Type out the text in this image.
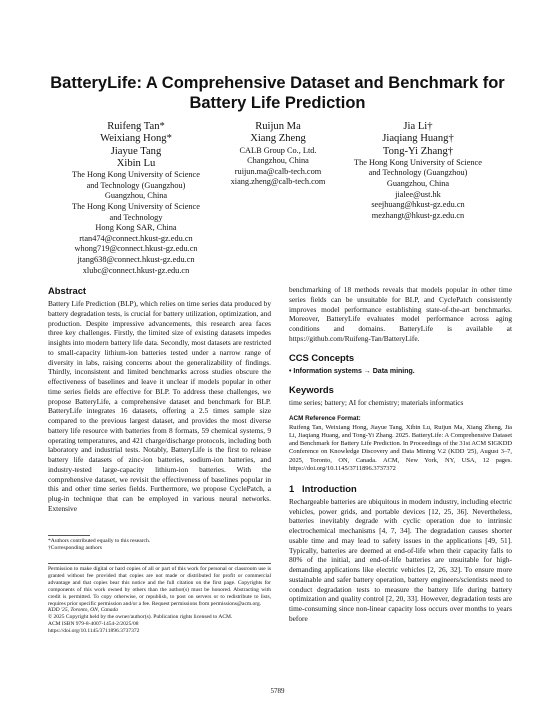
BatteryLife: A Comprehensive Dataset and Benchmark for Battery Life Prediction
Ruifeng Tan*
Weixiang Hong*
Jiayue Tang
Xibin Lu
The Hong Kong University of Science
and Technology (Guangzhou)
Guangzhou, China
The Hong Kong University of Science
and Technology
Hong Kong SAR, China
rtan474@connect.hkust-gz.edu.cn
whong719@connect.hkust-gz.edu.cn
jtang638@connect.hkust-gz.edu.cn
xlubc@connect.hkust-gz.edu.cn
Ruijun Ma
Xiang Zheng
CALB Group Co., Ltd.
Changzhou, China
ruijun.ma@calb-tech.com
xiang.zheng@calb-tech.com
Jia Li†
Jiaqiang Huang†
Tong-Yi Zhang†
The Hong Kong University of Science
and Technology (Guangzhou)
Guangzhou, China
jialee@ust.hk
seejhuang@hkust-gz.edu.cn
mezhangt@hkust-gz.edu.cn
Abstract

Battery Life Prediction (BLP), which relies on time series data produced by battery degradation tests, is crucial for battery utilization, optimization, and production. Despite impressive advancements, this research area faces three key challenges. Firstly, the limited size of existing datasets impedes insights into modern battery life data. Secondly, most datasets are restricted to small-capacity lithium-ion batteries tested under a narrow range of diversity in labs, raising concerns about the generalizability of findings. Thirdly, inconsistent and limited benchmarks across studies obscure the effectiveness of baselines and leave it unclear if models popular in other time series fields are effective for BLP. To address these challenges, we propose BatteryLife, a comprehensive dataset and benchmark for BLP. BatteryLife integrates 16 datasets, offering a 2.5 times sample size compared to the previous largest dataset, and provides the most diverse battery life resource with batteries from 8 formats, 59 chemical systems, 9 operating temperatures, and 421 charge/discharge protocols, including both laboratory and industrial tests. Notably, BatteryLife is the first to release battery life datasets of zinc-ion batteries, sodium-ion batteries, and industry-tested large-capacity lithium-ion batteries. With the comprehensive dataset, we revisit the effectiveness of baselines popular in this and other time series fields. Furthermore, we propose CyclePatch, a plug-in technique that can be employed in various neural networks. Extensive

*Authors contributed equally to this research.
†Corresponding authors
Permission to make digital or hard copies of all or part of this work for personal or classroom use is granted without fee provided that copies are not made or distributed for profit or commercial advantage and that copies bear this notice and the full citation on the first page. Copyrights for components of this work owned by others than the author(s) must be honored. Abstracting with credit is permitted. To copy otherwise, or republish, to post on servers or to redistribute to lists, requires prior specific permission and/or a fee. Request permissions from permissions@acm.org.
KDD '25, Toronto, ON, Canada
© 2025 Copyright held by the owner/author(s). Publication rights licensed to ACM.
ACM ISBN 979-8-4007-1454-2/2025/08
https://doi.org/10.1145/3711896.3737372

benchmarking of 18 methods reveals that models popular in other time series fields can be unsuitable for BLP, and CyclePatch consistently improves model performance establishing state-of-the-art benchmarks. Moreover, BatteryLife evaluates model performance across aging conditions and domains. BatteryLife is available at https://github.com/Ruifeng-Tan/BatteryLife.

CCS Concepts

• Information systems → Data mining.

Keywords

time series; battery; AI for chemistry; materials informatics

ACM Reference Format:

Ruifeng Tan, Weixiang Hong, Jiayue Tang, Xibin Lu, Ruijun Ma, Xiang Zheng, Jia Li, Jiaqiang Huang, and Tong-Yi Zhang. 2025. BatteryLife: A Comprehensive Dataset and Benchmark for Battery Life Prediction. In Proceedings of the 31st ACM SIGKDD Conference on Knowledge Discovery and Data Mining V.2 (KDD '25), August 3–7, 2025, Toronto, ON, Canada. ACM, New York, NY, USA, 12 pages. https://doi.org/10.1145/3711896.3737372

1   Introduction

Rechargeable batteries are ubiquitous in modern industry, including electric vehicles, power grids, and portable devices [12, 25, 36]. Nevertheless, batteries inevitably degrade with cyclic operation due to intrinsic electrochemical mechanisms [4, 7, 34]. The degradation causes shorter usable time and may lead to safety issues in the applications [49, 51]. Typically, batteries are deemed at end-of-life when their capacity falls to 80% of the initial, and end-of-life batteries are unsuitable for high-demanding applications like electric vehicles [2, 26, 32]. To ensure more sustainable and safer battery operation, battery engineers/scientists need to conduct degradation tests to measure the battery life during battery optimization and quality control [2, 20, 33]. However, degradation tests are time-consuming since non-linear capacity loss occurs over months to years before

5789
